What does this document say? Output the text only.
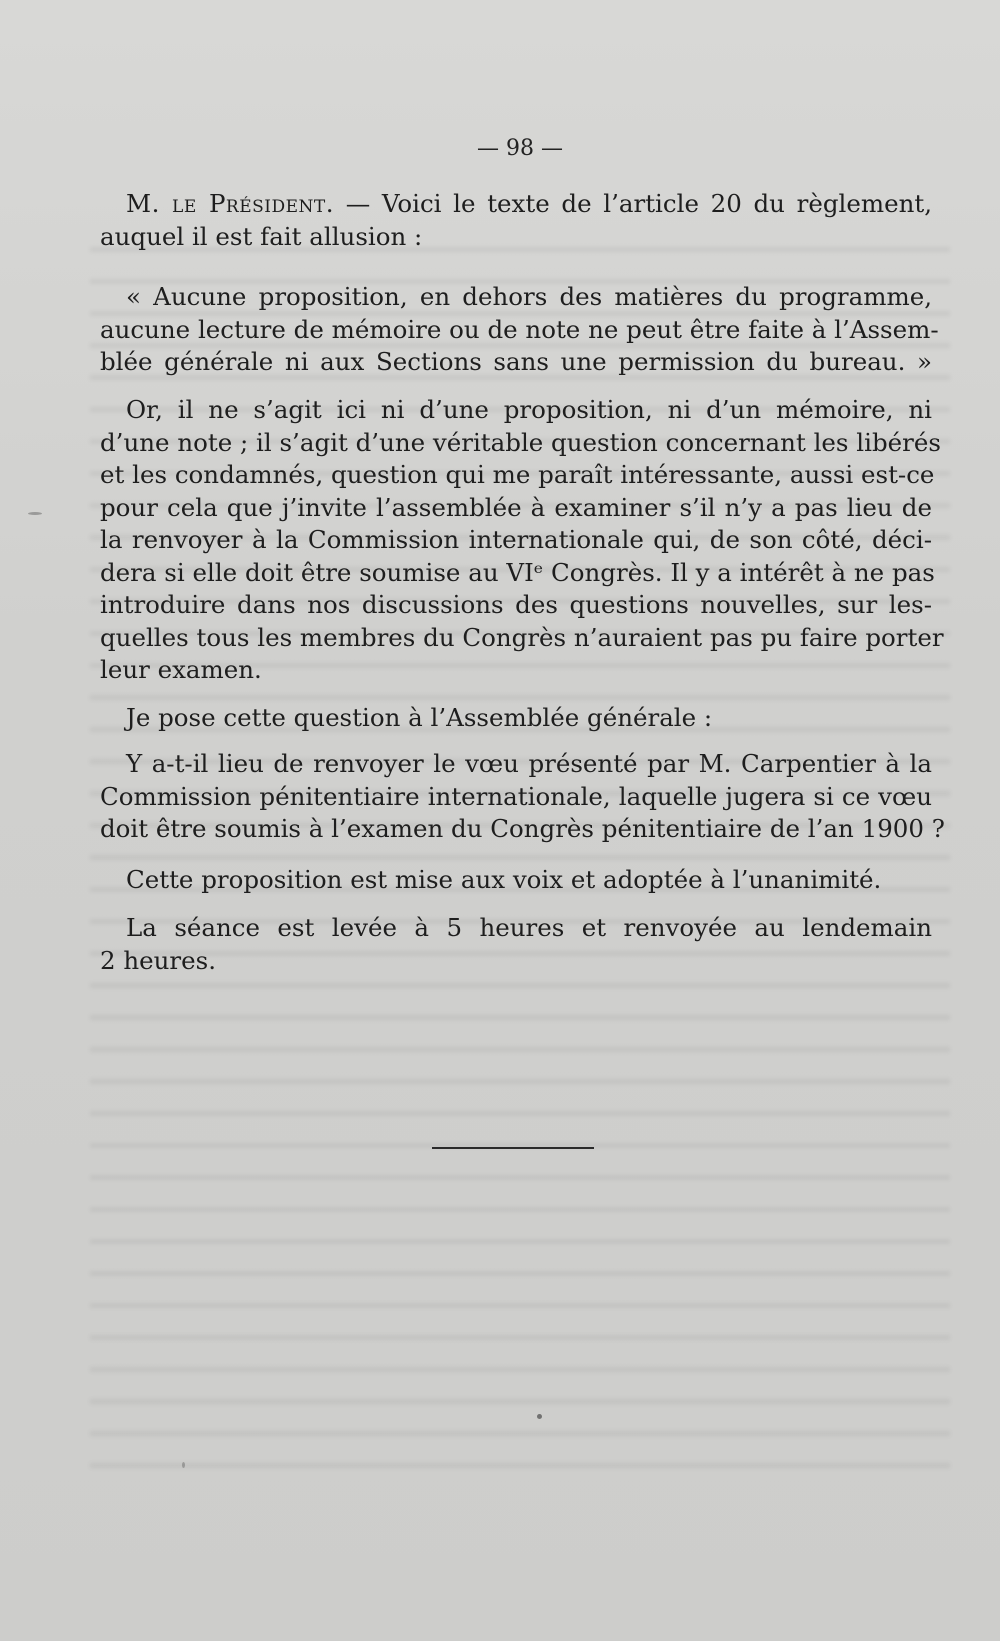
— 98 —
M. le Président. — Voici le texte de l’article 20 du règlement,
auquel il est fait allusion :
« Aucune proposition, en dehors des matières du programme,
aucune lecture de mémoire ou de note ne peut être faite à l’Assem-
blée générale ni aux Sections sans une permission du bureau. »
Or, il ne s’agit ici ni d’une proposition, ni d’un mémoire, ni
d’une note ; il s’agit d’une véritable question concernant les libérés
et les condamnés, question qui me paraît intéressante, aussi est-ce
pour cela que j’invite l’assemblée à examiner s’il n’y a pas lieu de
la renvoyer à la Commission internationale qui, de son côté, déci-
dera si elle doit être soumise au VIᵉ Congrès. Il y a intérêt à ne pas
introduire dans nos discussions des questions nouvelles, sur les-
quelles tous les membres du Congrès n’auraient pas pu faire porter
leur examen.
Je pose cette question à l’Assemblée générale :
Y a-t-il lieu de renvoyer le vœu présenté par M. Carpentier à la
Commission pénitentiaire internationale, laquelle jugera si ce vœu
doit être soumis à l’examen du Congrès pénitentiaire de l’an 1900 ?
Cette proposition est mise aux voix et adoptée à l’unanimité.
La séance est levée à 5 heures et renvoyée au lendemain
2 heures.
